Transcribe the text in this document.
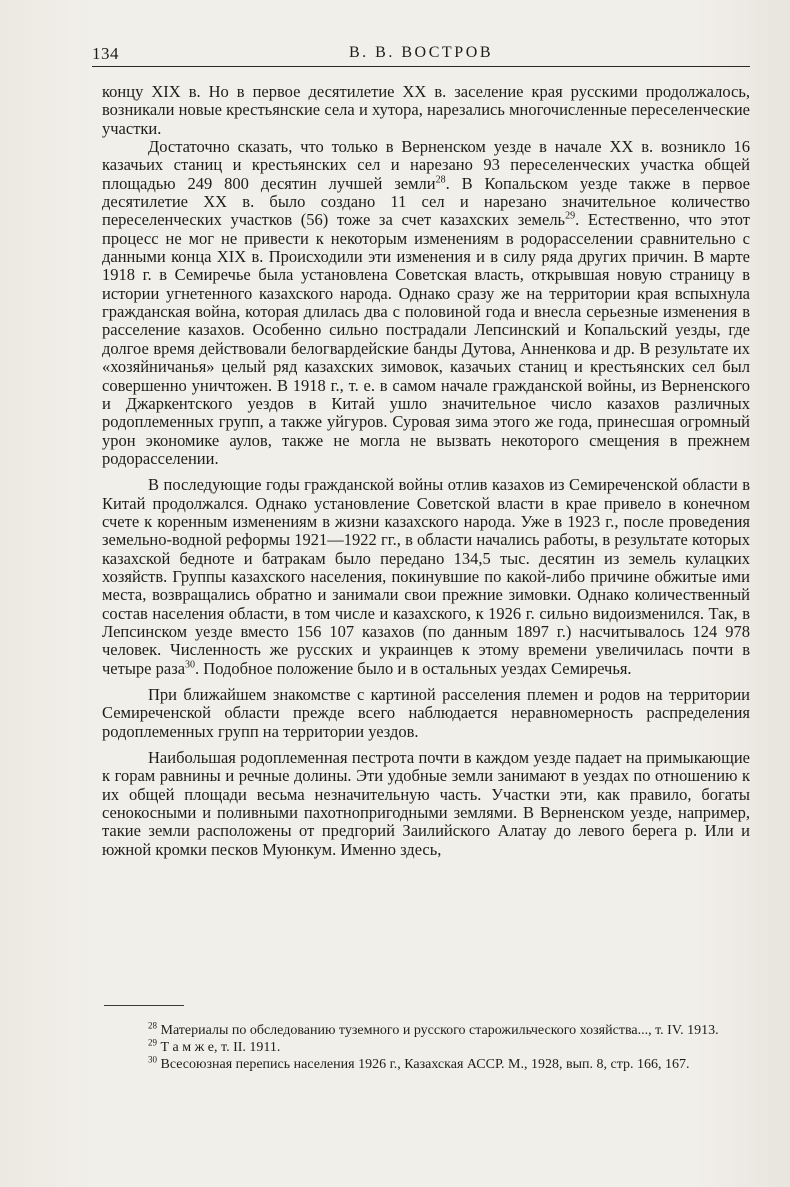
134	В. В. ВОСТРОВ

концу XIX в. Но в первое десятилетие XX в. заселение края русскими продолжалось, возникали новые крестьянские села и хутора, нарезались многочисленные переселенческие участки.

Достаточно сказать, что только в Верненском уезде в начале XX в. возникло 16 казачьих станиц и крестьянских сел и нарезано 93 переселенческих участка общей площадью 249 800 десятин лучшей земли$^{28}$. В Копальском уезде также в первое десятилетие XX в. было создано 11 сел и нарезано значительное количество переселенческих участков (56) тоже за счет казахских земель$^{29}$. Естественно, что этот процесс не мог не привести к некоторым изменениям в родорасселении сравнительно с данными конца XIX в. Происходили эти изменения и в силу ряда других причин. В марте 1918 г. в Семиречье была установлена Советская власть, открывшая новую страницу в истории угнетенного казахского народа. Однако сразу же на территории края вспыхнула гражданская война, которая длилась два с половиной года и внесла серьезные изменения в расселение казахов. Особенно сильно пострадали Лепсинский и Копальский уезды, где долгое время действовали белогвардейские банды Дутова, Анненкова и др. В результате их «хозяйничанья» целый ряд казахских зимовок, казачьих станиц и крестьянских сел был совершенно уничтожен. В 1918 г., т. е. в самом начале гражданской войны, из Верненского и Джаркентского уездов в Китай ушло значительное число казахов различных родоплеменных групп, а также уйгуров. Суровая зима этого же года, принесшая огромный урон экономике аулов, также не могла не вызвать некоторого смещения в прежнем родорасселении.

В последующие годы гражданской войны отлив казахов из Семиреченской области в Китай продолжался. Однако установление Советской власти в крае привело в конечном счете к коренным изменениям в жизни казахского народа. Уже в 1923 г., после проведения земельно-водной реформы 1921—1922 гг., в области начались работы, в результате которых казахской бедноте и батракам было передано 134,5 тыс. десятин из земель кулацких хозяйств. Группы казахского населения, покинувшие по какой-либо причине обжитые ими места, возвращались обратно и занимали свои прежние зимовки. Однако количественный состав населения области, в том числе и казахского, к 1926 г. сильно видоизменился. Так, в Лепсинском уезде вместо 156 107 казахов (по данным 1897 г.) насчитывалось 124 978 человек. Численность же русских и украинцев к этому времени увеличилась почти в четыре раза$^{30}$. Подобное положение было и в остальных уездах Семиречья.

При ближайшем знакомстве с картиной расселения племен и родов на территории Семиреченской области прежде всего наблюдается неравномерность распределения родоплеменных групп на территории уездов.

Наибольшая родоплеменная пестрота почти в каждом уезде падает на примыкающие к горам равнины и речные долины. Эти удобные земли занимают в уездах по отношению к их общей площади весьма незначительную часть. Участки эти, как правило, богаты сенокосными и поливными пахотнопригодными землями. В Верненском уезде, например, такие земли расположены от предгорий Заилийского Алатау до левого берега р. Или и южной кромки песков Муюнкум. Именно здесь,

$^{28}$ Материалы по обследованию туземного и русского старожильческого хозяйства..., т. IV. 1913.

$^{29}$ Т а м ж е, т. II. 1911.

$^{30}$ Всесоюзная перепись населения 1926 г., Казахская АССР. М., 1928, вып. 8, стр. 166, 167.
